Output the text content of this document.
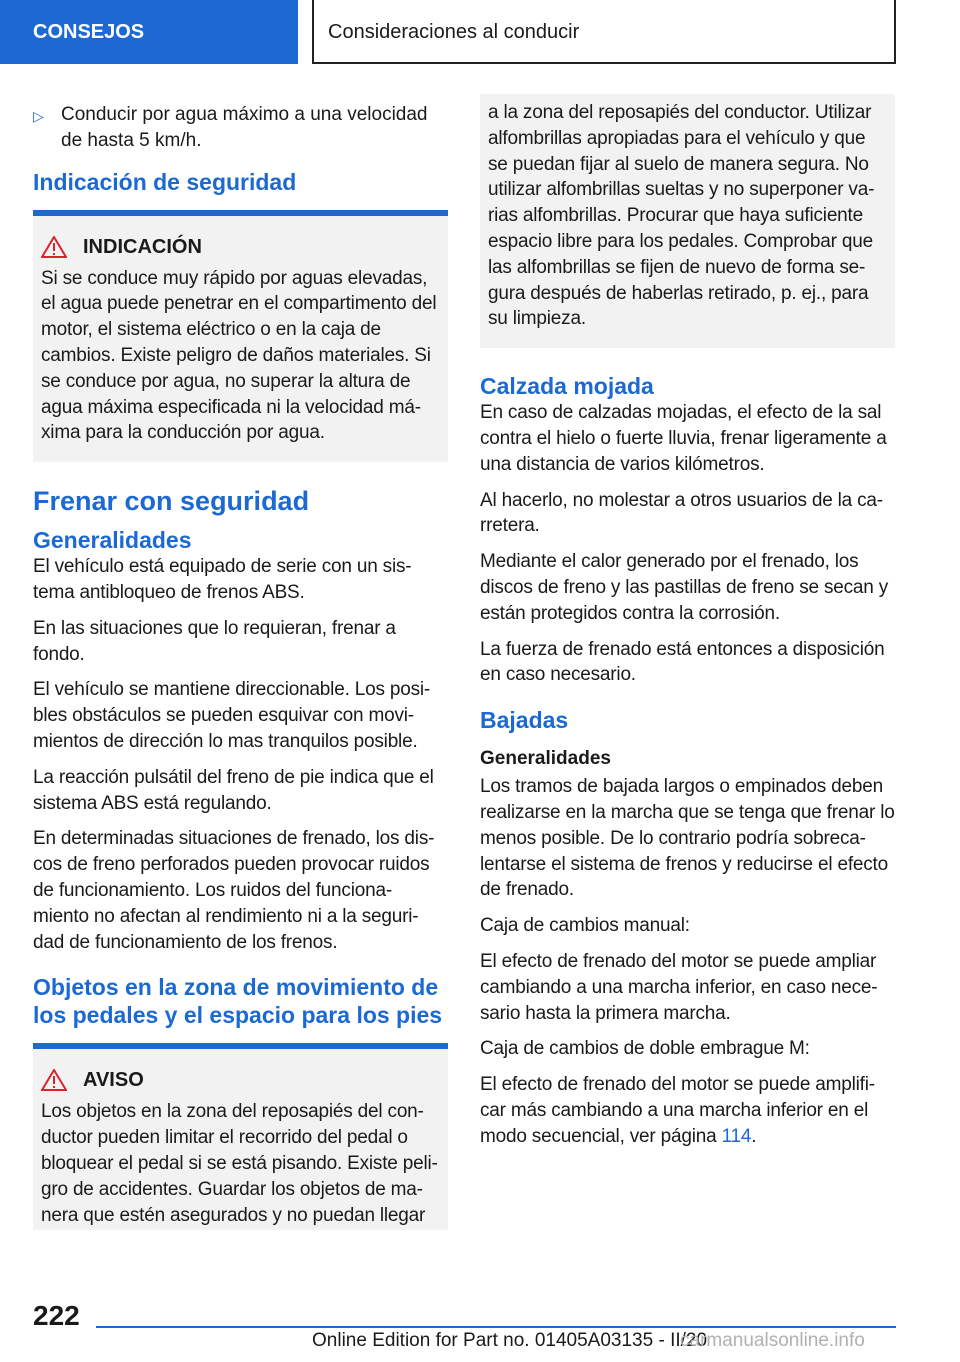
CONSEJOS	Consideraciones al conducir
▷ Conducir por agua máximo a una velocidad de hasta 5 km/h.
Indicación de seguridad
INDICACIÓN

Si se conduce muy rápido por aguas elevadas, el agua puede penetrar en el compartimento del motor, el sistema eléctrico o en la caja de cambios. Existe peligro de daños materiales. Si se conduce por agua, no superar la altura de agua máxima especificada ni la velocidad má- xima para la conducción por agua.

Frenar con seguridad
Generalidades

El vehículo está equipado de serie con un sis- tema antibloqueo de frenos ABS.

En las situaciones que lo requieran, frenar a fondo.

El vehículo se mantiene direccionable. Los posi- bles obstáculos se pueden esquivar con movi- mientos de dirección lo mas tranquilos posible.

La reacción pulsátil del freno de pie indica que el sistema ABS está regulando.

En determinadas situaciones de frenado, los dis- cos de freno perforados pueden provocar ruidos de funcionamiento. Los ruidos del funciona- miento no afectan al rendimiento ni a la seguri- dad de funcionamiento de los frenos.

Objetos en la zona de movimiento de los pedales y el espacio para los pies
AVISO

Los objetos en la zona del reposapiés del con- ductor pueden limitar el recorrido del pedal o bloquear el pedal si se está pisando. Existe peli- gro de accidentes. Guardar los objetos de ma- nera que estén asegurados y no puedan llegar

a la zona del reposapiés del conductor. Utilizar alfombrillas apropiadas para el vehículo y que se puedan fijar al suelo de manera segura. No utilizar alfombrillas sueltas y no superponer va- rias alfombrillas. Procurar que haya suficiente espacio libre para los pedales. Comprobar que las alfombrillas se fijen de nuevo de forma se- gura después de haberlas retirado, p. ej., para su limpieza.

Calzada mojada

En caso de calzadas mojadas, el efecto de la sal contra el hielo o fuerte lluvia, frenar ligeramente a una distancia de varios kilómetros.

Al hacerlo, no molestar a otros usuarios de la ca- rretera.

Mediante el calor generado por el frenado, los discos de freno y las pastillas de freno se secan y están protegidos contra la corrosión.

La fuerza de frenado está entonces a disposición en caso necesario.

Bajadas
Generalidades

Los tramos de bajada largos o empinados deben realizarse en la marcha que se tenga que frenar lo menos posible. De lo contrario podría sobreca- lentarse el sistema de frenos y reducirse el efecto de frenado.

Caja de cambios manual:

El efecto de frenado del motor se puede ampliar cambiando a una marcha inferior, en caso nece- sario hasta la primera marcha.

Caja de cambios de doble embrague M:

El efecto de frenado del motor se puede amplifi- car más cambiando a una marcha inferior en el modo secuencial, ver página 114.

222
Online Edition for Part no. 01405A03135 - II/20
carmanualsonline.info
